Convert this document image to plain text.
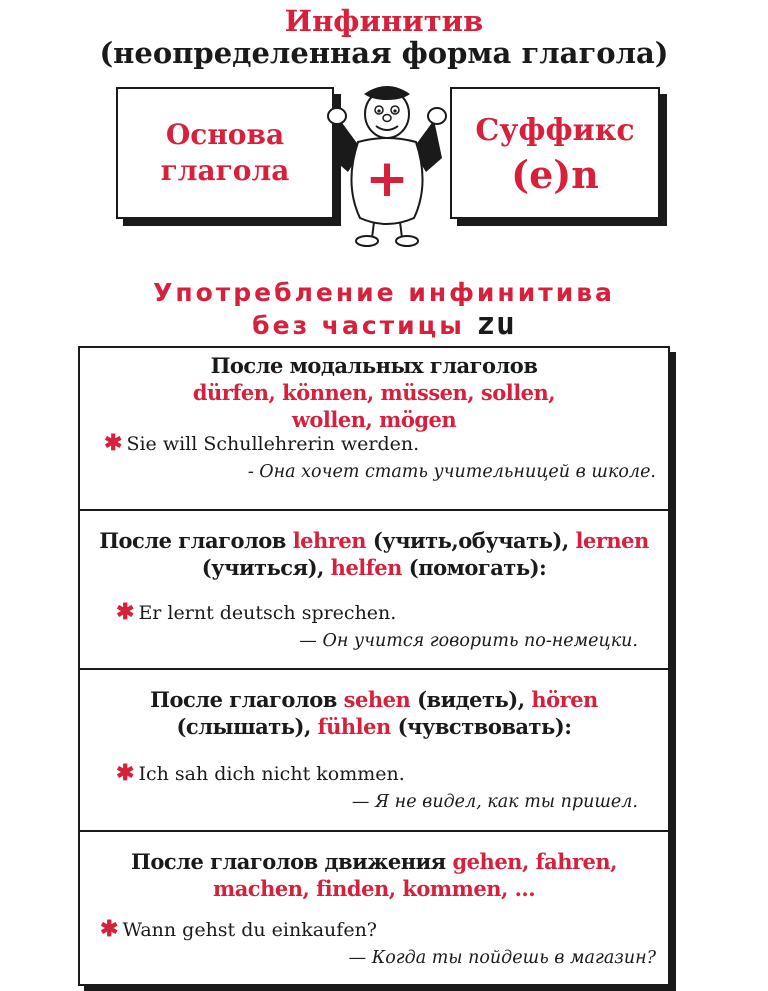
Инфинитив
(неопределенная форма глагола)
Основа
глагола
Суффикс
(e)n
+
Употребление инфинитива
без частицы zu
После модальных глаголов
dürfen, können, müssen, sollen,
wollen, mögen
✱ Sie will Schullehrerin werden.
- Она хочет стать учительницей в школе.
После глаголов lehren (учить,обучать), lernen
(учиться), helfen (помогать):
✱ Er lernt deutsch sprechen.
— Он учится говорить по-немецки.
После глаголов sehen (видеть), hören
(слышать), fühlen (чувствовать):
✱ Ich sah dich nicht kommen.
— Я не видел, как ты пришел.
После глаголов движения gehen, fahren,
machen, finden, kommen, ...
✱ Wann gehst du einkaufen?
— Когда ты пойдешь в магазин?
